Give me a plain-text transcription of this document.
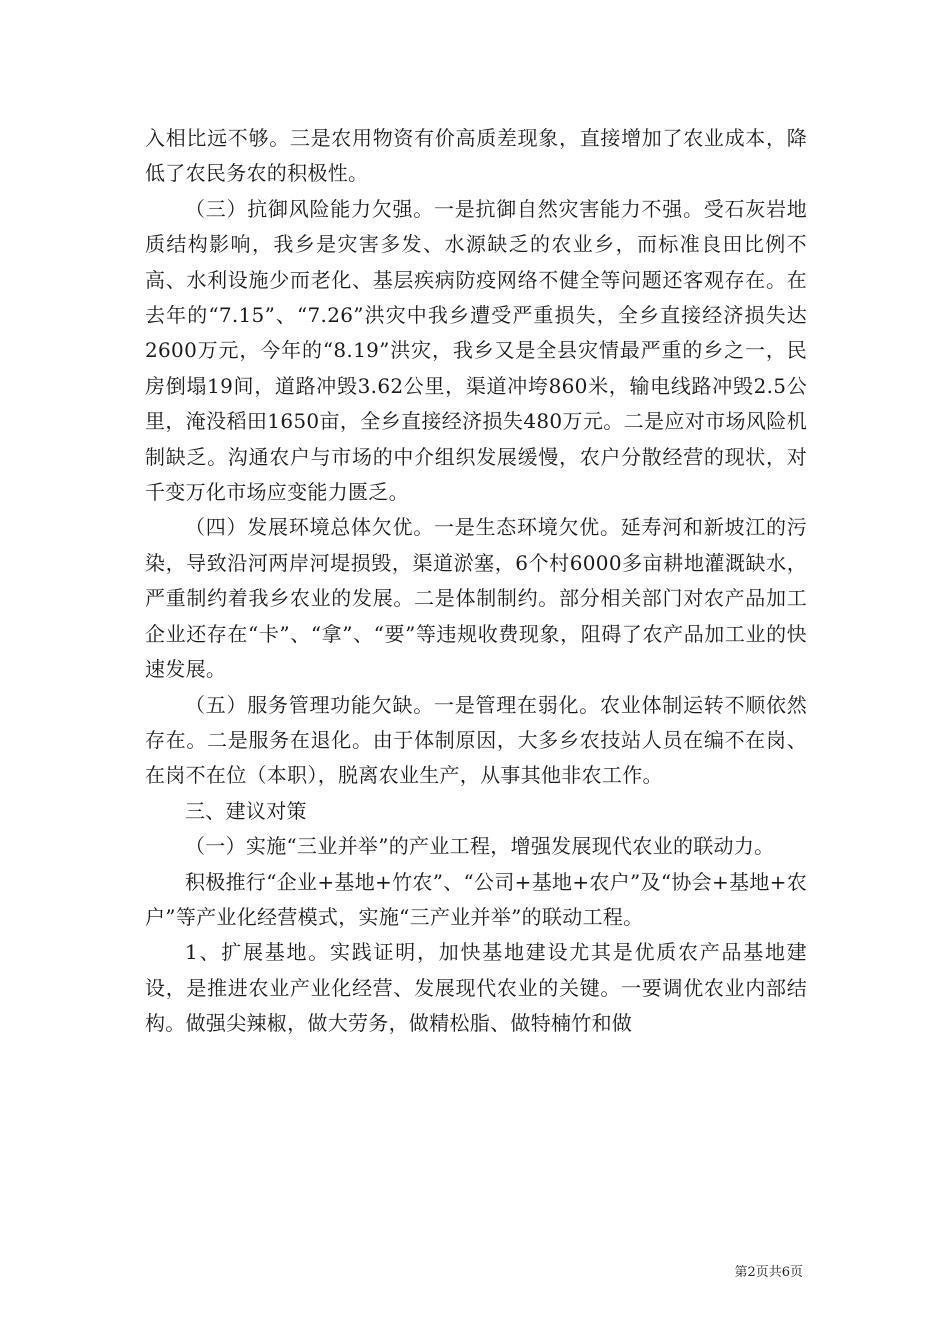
入相比远不够。三是农用物资有价高质差现象，直接增加了农业成本，降低了农民务农的积极性。

（三）抗御风险能力欠强。一是抗御自然灾害能力不强。受石灰岩地质结构影响，我乡是灾害多发、水源缺乏的农业乡，而标准良田比例不高、水利设施少而老化、基层疾病防疫网络不健全等问题还客观存在。在去年的“7.15”、“7.26”洪灾中我乡遭受严重损失，全乡直接经济损失达2600万元，今年的“8.19”洪灾，我乡又是全县灾情最严重的乡之一，民房倒塌19间，道路冲毁3.62公里，渠道冲垮860米，输电线路冲毁2.5公里，淹没稻田1650亩，全乡直接经济损失480万元。二是应对市场风险机制缺乏。沟通农户与市场的中介组织发展缓慢，农户分散经营的现状，对千变万化市场应变能力匮乏。

（四）发展环境总体欠优。一是生态环境欠优。延寿河和新坡江的污染，导致沿河两岸河堤损毁，渠道淤塞，6个村6000多亩耕地灌溉缺水，严重制约着我乡农业的发展。二是体制制约。部分相关部门对农产品加工企业还存在“卡”、“拿”、“要”等违规收费现象，阻碍了农产品加工业的快速发展。

（五）服务管理功能欠缺。一是管理在弱化。农业体制运转不顺依然存在。二是服务在退化。由于体制原因，大多乡农技站人员在编不在岗、在岗不在位（本职），脱离农业生产，从事其他非农工作。

三、建议对策

（一）实施“三业并举”的产业工程，增强发展现代农业的联动力。

积极推行“企业+基地+竹农”、“公司+基地+农户”及“协会+基地+农户”等产业化经营模式，实施“三产业并举”的联动工程。

1、扩展基地。实践证明，加快基地建设尤其是优质农产品基地建设，是推进农业产业化经营、发展现代农业的关键。一要调优农业内部结构。做强尖辣椒，做大劳务，做精松脂、做特楠竹和做

第2页共6页
